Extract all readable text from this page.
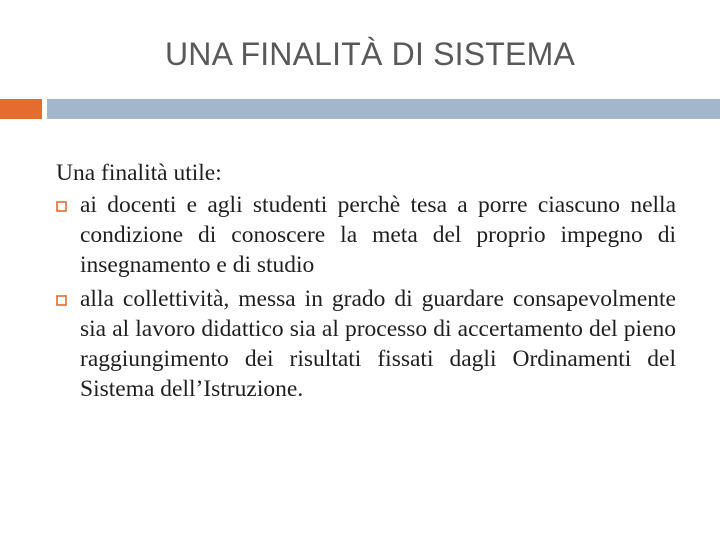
UNA FINALITÀ DI SISTEMA

Una finalità utile:

ai docenti e agli studenti perchè tesa a porre ciascuno nella condizione di conoscere la meta del proprio impegno di insegnamento e di studio
alla collettività, messa in grado di guardare consapevolmente sia al lavoro didattico sia al processo di accertamento del pieno raggiungimento dei risultati fissati dagli Ordinamenti del Sistema dell’Istruzione.
